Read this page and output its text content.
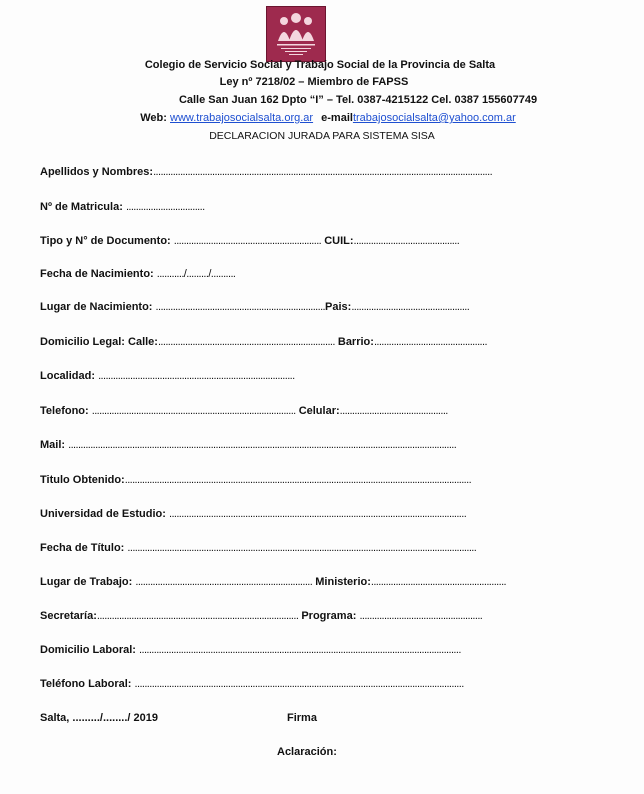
Colegio de Servicio Social y Trabajo Social de la Provincia de Salta
Ley nº 7218/02 – Miembro de FAPSS
Calle San Juan 162 Dpto “I” – Tel. 0387-4215122 Cel. 0387 155607749
Web: www.trabajosocialsalta.org.ar e-mailtrabajosocialsalta@yahoo.com.ar
DECLARACION JURADA PARA SISTEMA SISA
Apellidos y Nombres:..........................................................................................................................................
Nº de Matricula: ................................
Tipo y N° de Documento: ............................................................ CUIL:...........................................
Fecha de Nacimiento: .........../........./..........
Lugar de Nacimiento: .....................................................................Pais:................................................
Domicilio Legal: Calle:........................................................................ Barrio:..............................................
Localidad: ................................................................................
Telefono: ................................................................................... Celular:............................................
Mail: ..............................................................................................................................................................
Titulo Obtenido:.............................................................................................................................................
Universidad de Estudio: .........................................................................................................................
Fecha de Título: ..............................................................................................................................................
Lugar de Trabajo: ........................................................................ Ministerio:.......................................................
Secretaría:.................................................................................. Programa: ..................................................
Domicilio Laboral: ...................................................................................................................................
Teléfono Laboral: ......................................................................................................................................
Salta, ........./......../ 2019	Firma
Aclaración:
